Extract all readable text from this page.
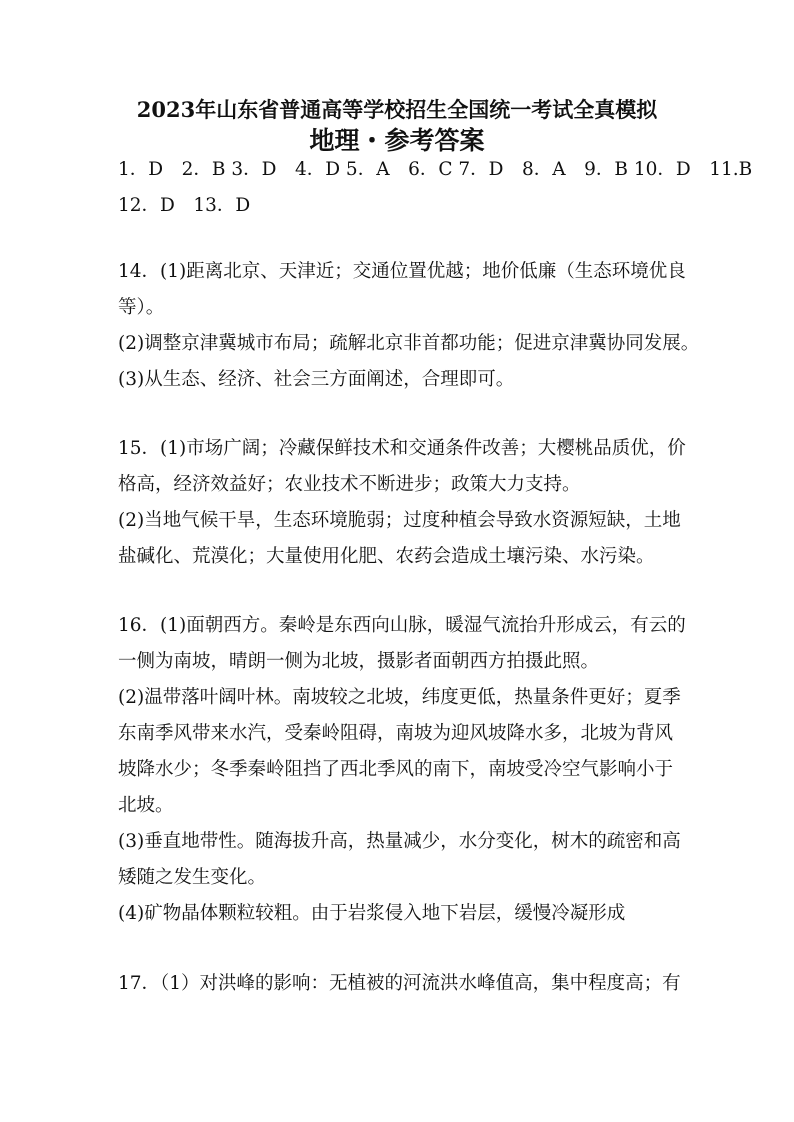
2023年山东省普通高等学校招生全国统一考试全真模拟
地理・参考答案
1．D　2．B 3．D　4．D 5．A　6．C 7．D　8．A　9．B 10．D　11.B
12．D　13．D
14．(1)距离北京、天津近；交通位置优越；地价低廉（生态环境优良
等）。
(2)调整京津冀城市布局；疏解北京非首都功能；促进京津冀协同发展。
(3)从生态、经济、社会三方面阐述，合理即可。
15．(1)市场广阔；冷藏保鲜技术和交通条件改善；大樱桃品质优，价
格高，经济效益好；农业技术不断进步；政策大力支持。
(2)当地气候干旱，生态环境脆弱；过度种植会导致水资源短缺，土地
盐碱化、荒漠化；大量使用化肥、农药会造成土壤污染、水污染。
16．(1)面朝西方。秦岭是东西向山脉，暖湿气流抬升形成云，有云的
一侧为南坡，晴朗一侧为北坡，摄影者面朝西方拍摄此照。
(2)温带落叶阔叶林。南坡较之北坡，纬度更低，热量条件更好；夏季
东南季风带来水汽，受秦岭阻碍，南坡为迎风坡降水多，北坡为背风
坡降水少；冬季秦岭阻挡了西北季风的南下，南坡受冷空气影响小于
北坡。
(3)垂直地带性。随海拔升高，热量减少，水分变化，树木的疏密和高
矮随之发生变化。
(4)矿物晶体颗粒较粗。由于岩浆侵入地下岩层，缓慢冷凝形成
17．（1）对洪峰的影响：无植被的河流洪水峰值高，集中程度高；有
